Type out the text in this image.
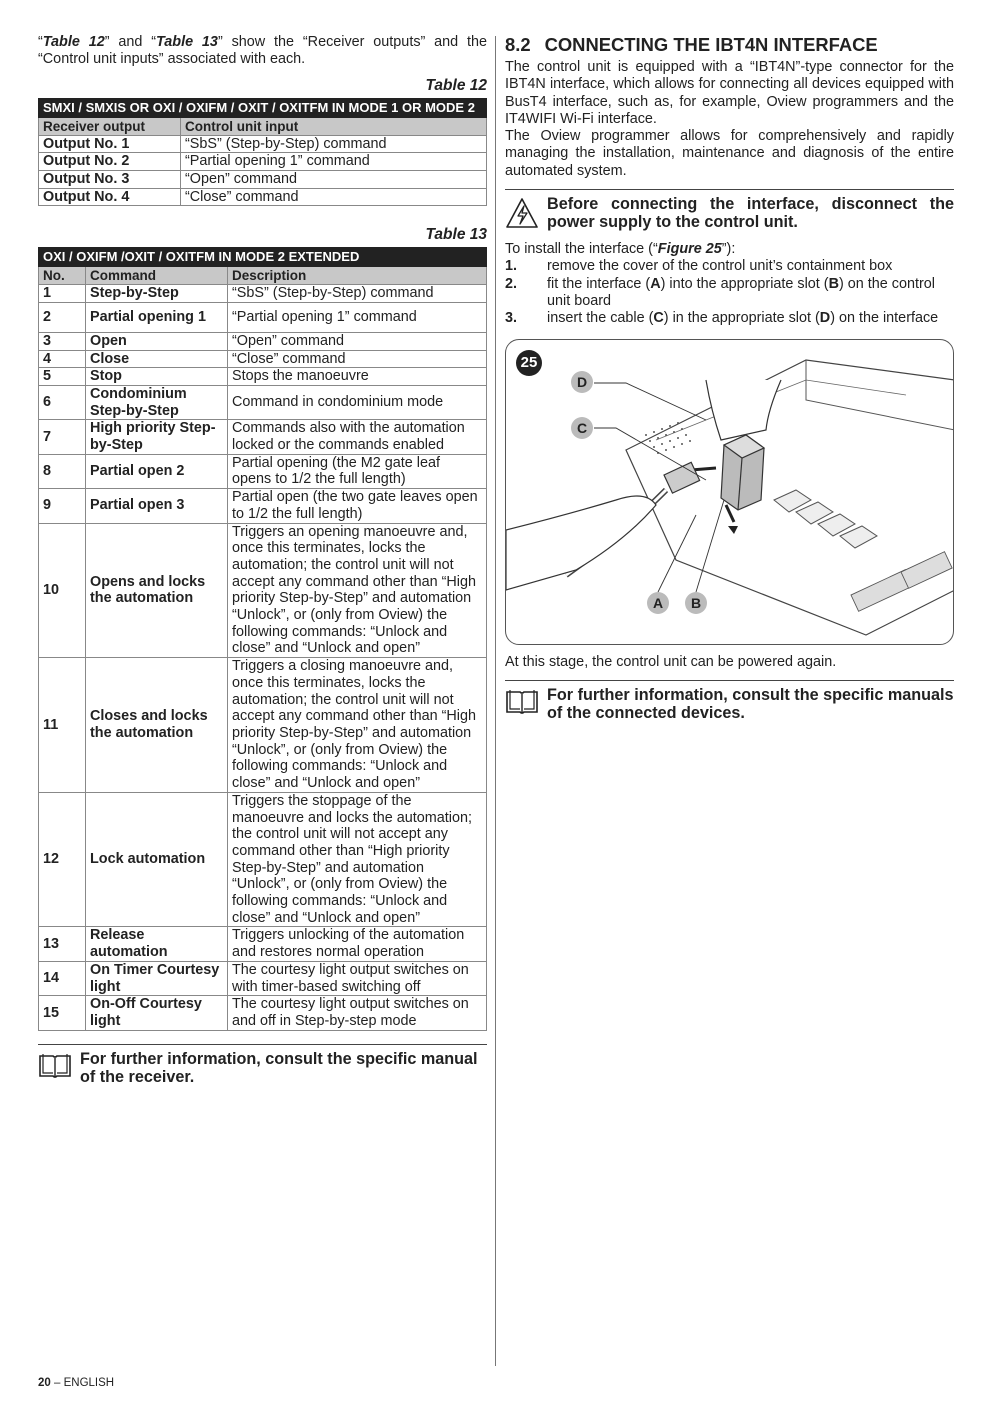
“Table 12” and “Table 13” show the “Receiver outputs” and the “Control unit inputs” associated with each.

Table 12
SMXI / SMXIS OR OXI / OXIFM / OXIT / OXITFM IN MODE 1 OR MODE 2	
Receiver output	Control unit input
Output No. 1	“SbS” (Step-by-Step) command
Output No. 2	“Partial opening 1” command
Output No. 3	“Open” command
Output No. 4	“Close” command
Table 13
OXI / OXIFM /OXIT / OXITFM IN MODE 2 EXTENDED		
No.	Command	Description
1	Step-by-Step	“SbS” (Step-by-Step) command
2	Partial opening 1	“Partial opening 1” command
3	Open	“Open” command
4	Close	“Close” command
5	Stop	Stops the manoeuvre
6	Condominium Step-by-Step	Command in condominium mode
7	High priority Step-by-Step	Commands also with the automation locked or the commands enabled
8	Partial open 2	Partial opening (the M2 gate leaf opens to 1/2 the full length)
9	Partial open 3	Partial open (the two gate leaves open to 1/2 the full length)
10	Opens and locks the automation	Triggers an opening manoeuvre and, once this terminates, locks the automation; the control unit will not accept any command other than “High priority Step-by-Step” and automation “Unlock”, or (only from Oview) the following commands: “Unlock and close” and “Unlock and open”
11	Closes and locks the automation	Triggers a closing manoeuvre and, once this terminates, locks the automation; the control unit will not accept any command other than “High priority Step-by-Step” and automation “Unlock”, or (only from Oview) the following commands: “Unlock and close” and “Unlock and open”
12	Lock automation	Triggers the stoppage of the manoeuvre and locks the automation; the control unit will not accept any command other than “High priority Step-by-Step” and automation “Unlock”, or (only from Oview) the following commands: “Unlock and close” and “Unlock and open”
13	Release automation	Triggers unlocking of the automation and restores normal operation
14	On Timer Courtesy light	The courtesy light output switches on with timer-based switching off
15	On-Off Courtesy light	The courtesy light output switches on and off in Step-by-step mode
For further information, consult the specific manual of the receiver.
8.2 CONNECTING THE IBT4N INTERFACE

The control unit is equipped with a “IBT4N”-type connector for the IBT4N interface, which allows for connecting all devices equipped with BusT4 interface, such as, for example, Oview programmers and the IT4WIFI Wi-Fi interface.

The Oview programmer allows for comprehensively and rapidly managing the installation, maintenance and diagnosis of the entire automated system.

Before connecting the interface, disconnect the power supply to the control unit.

To install the interface (“Figure 25”):

1.	remove the cover of the control unit’s containment box
2.	fit the interface (A) into the appropriate slot (B) on the control unit board
3.	insert the cable (C) in the appropriate slot (D) on the interface
25
D
C
A	B

At this stage, the control unit can be powered again.

For further information, consult the specific manuals of the connected devices.
20 – ENGLISH
